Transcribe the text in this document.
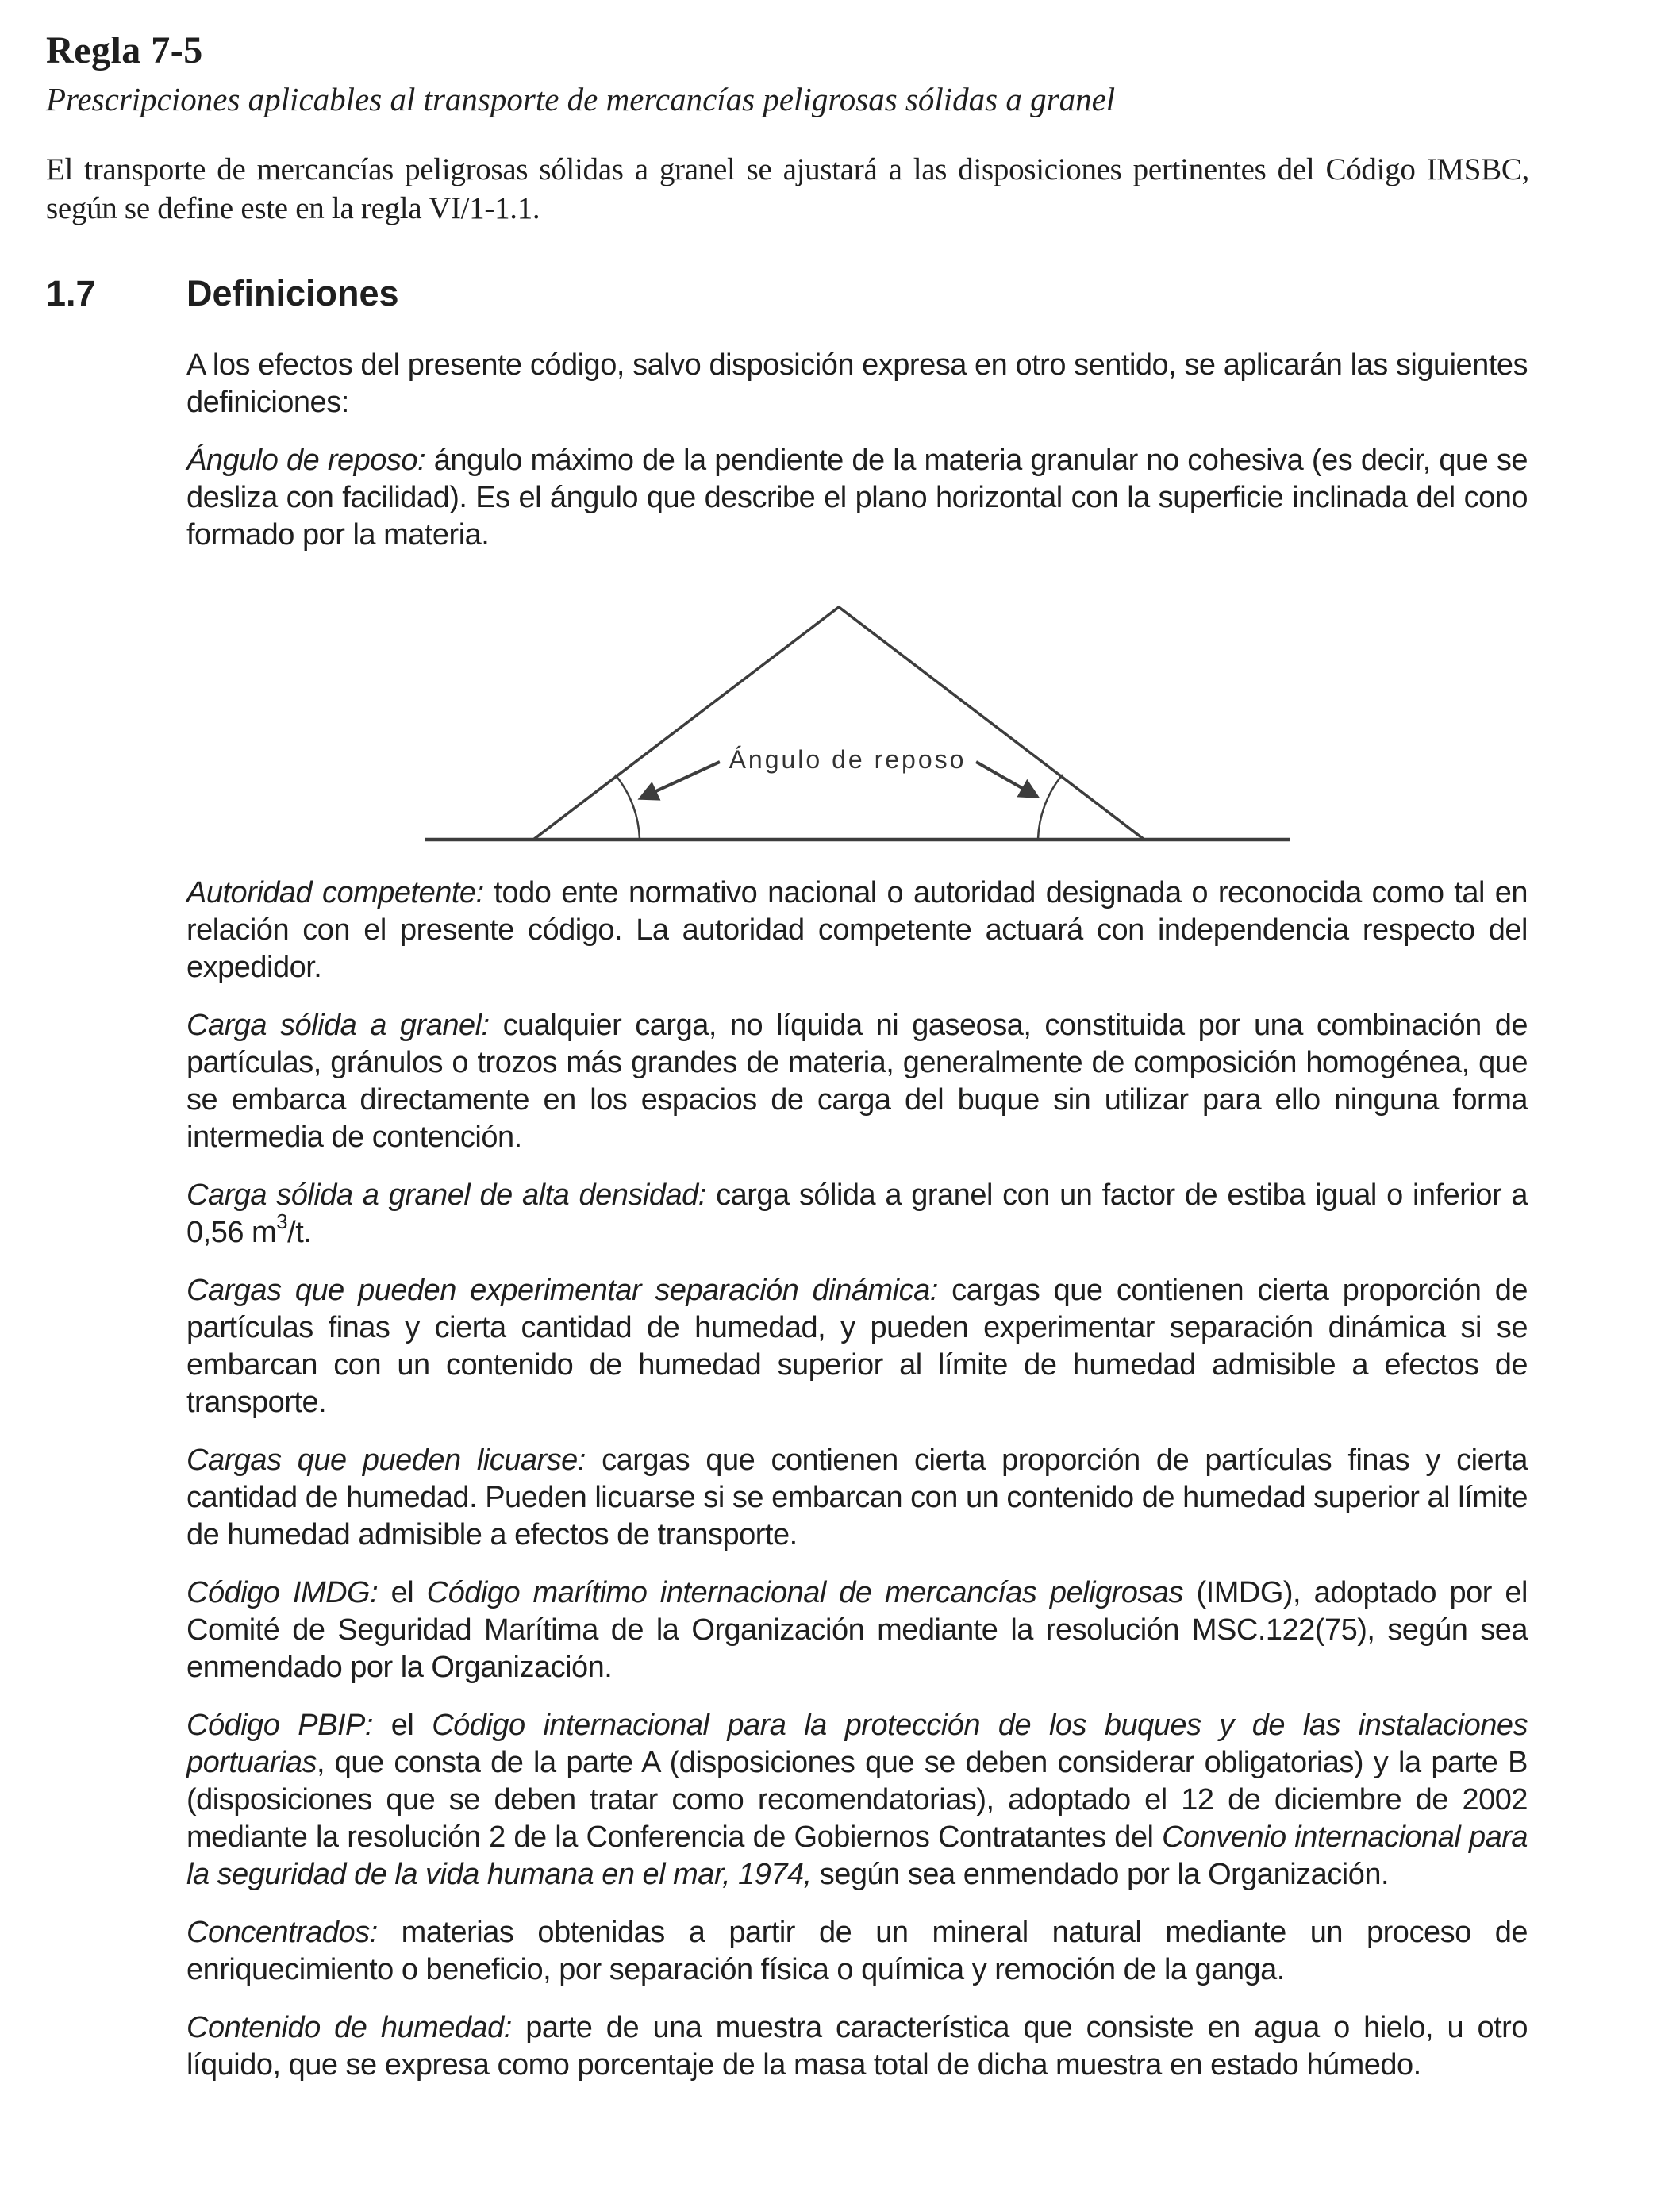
Regla 7-5

Prescripciones aplicables al transporte de mercancías peligrosas sólidas a granel

El transporte de mercancías peligrosas sólidas a granel se ajustará a las disposiciones pertinentes del Código IMSBC, según se define este en la regla VI/1-1.1.

1.7	Definiciones

A los efectos del presente código, salvo disposición expresa en otro sentido, se aplicarán las siguientes definiciones:

Ángulo de reposo: ángulo máximo de la pendiente de la materia granular no cohesiva (es decir, que se desliza con facilidad). Es el ángulo que describe el plano horizontal con la superficie inclinada del cono formado por la materia.

Ángulo de reposo

Autoridad competente: todo ente normativo nacional o autoridad designada o reconocida como tal en relación con el presente código. La autoridad competente actuará con independencia respecto del expedidor.

Carga sólida a granel: cualquier carga, no líquida ni gaseosa, constituida por una combinación de partículas, gránulos o trozos más grandes de materia, generalmente de composición homogénea, que se embarca directamente en los espacios de carga del buque sin utilizar para ello ninguna forma intermedia de contención.

Carga sólida a granel de alta densidad: carga sólida a granel con un factor de estiba igual o inferior a 0,56 $m^3/t$.

Cargas que pueden experimentar separación dinámica: cargas que contienen cierta proporción de partículas finas y cierta cantidad de humedad, y pueden experimentar separación dinámica si se embarcan con un contenido de humedad superior al límite de humedad admisible a efectos de transporte.

Cargas que pueden licuarse: cargas que contienen cierta proporción de partículas finas y cierta cantidad de humedad. Pueden licuarse si se embarcan con un contenido de humedad superior al límite de humedad admisible a efectos de transporte.

Código IMDG: el Código marítimo internacional de mercancías peligrosas (IMDG), adoptado por el Comité de Seguridad Marítima de la Organización mediante la resolución MSC.122(75), según sea enmendado por la Organización.

Código PBIP: el Código internacional para la protección de los buques y de las instalaciones portuarias, que consta de la parte A (disposiciones que se deben considerar obligatorias) y la parte B (disposiciones que se deben tratar como recomendatorias), adoptado el 12 de diciembre de 2002 mediante la resolución 2 de la Conferencia de Gobiernos Contratantes del Convenio internacional para la seguridad de la vida humana en el mar, 1974, según sea enmendado por la Organización.

Concentrados: materias obtenidas a partir de un mineral natural mediante un proceso de enriquecimiento o beneficio, por separación física o química y remoción de la ganga.

Contenido de humedad: parte de una muestra característica que consiste en agua o hielo, u otro líquido, que se expresa como porcentaje de la masa total de dicha muestra en estado húmedo.
